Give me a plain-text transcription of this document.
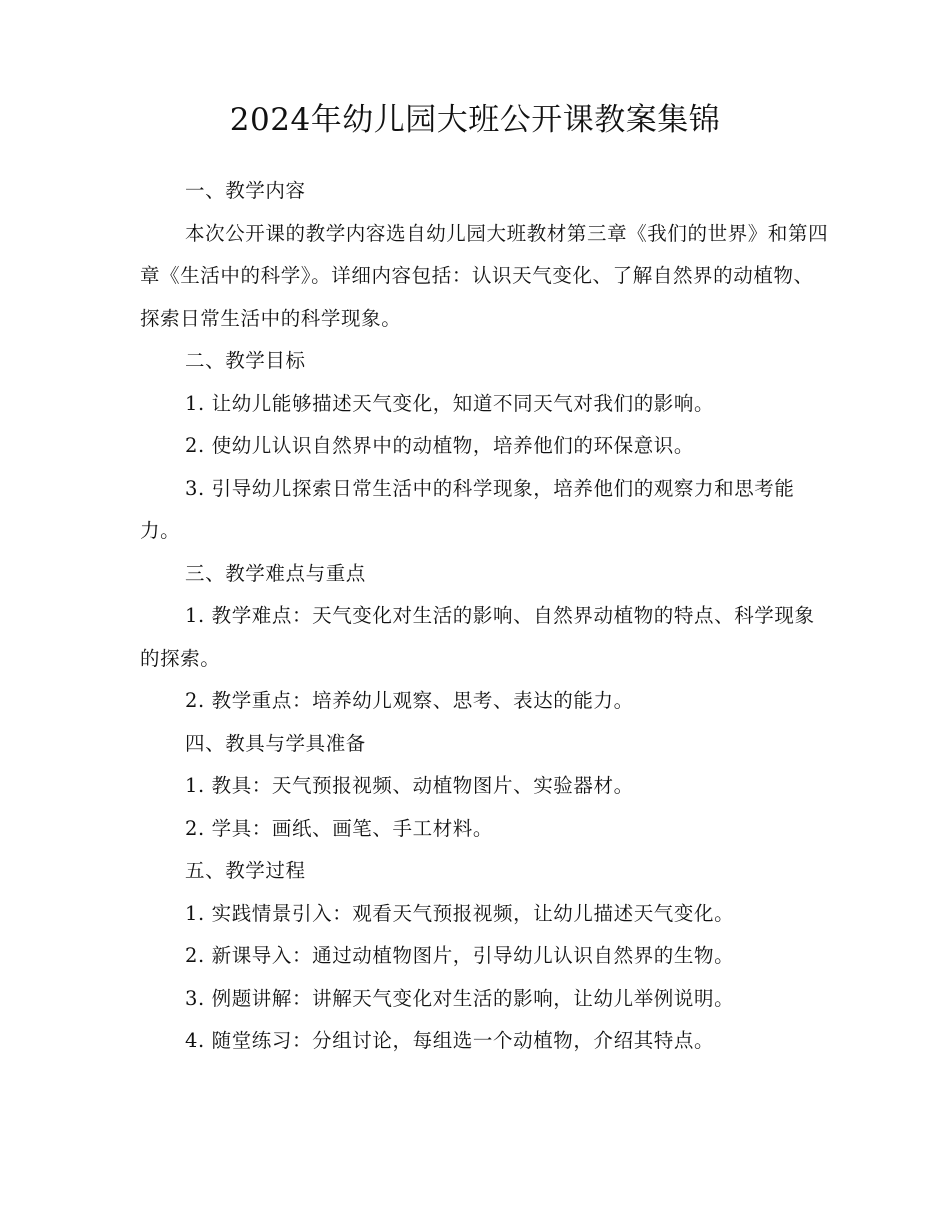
2024年幼儿园大班公开课教案集锦

一、教学内容

本次公开课的教学内容选自幼儿园大班教材第三章《我们的世界》和第四章《生活中的科学》。详细内容包括：认识天气变化、了解自然界的动植物、探索日常生活中的科学现象。

二、教学目标

1. 让幼儿能够描述天气变化，知道不同天气对我们的影响。

2. 使幼儿认识自然界中的动植物，培养他们的环保意识。

3. 引导幼儿探索日常生活中的科学现象，培养他们的观察力和思考能力。

三、教学难点与重点

1. 教学难点：天气变化对生活的影响、自然界动植物的特点、科学现象的探索。

2. 教学重点：培养幼儿观察、思考、表达的能力。

四、教具与学具准备

1. 教具：天气预报视频、动植物图片、实验器材。

2. 学具：画纸、画笔、手工材料。

五、教学过程

1. 实践情景引入：观看天气预报视频，让幼儿描述天气变化。

2. 新课导入：通过动植物图片，引导幼儿认识自然界的生物。

3. 例题讲解：讲解天气变化对生活的影响，让幼儿举例说明。

4. 随堂练习：分组讨论，每组选一个动植物，介绍其特点。
